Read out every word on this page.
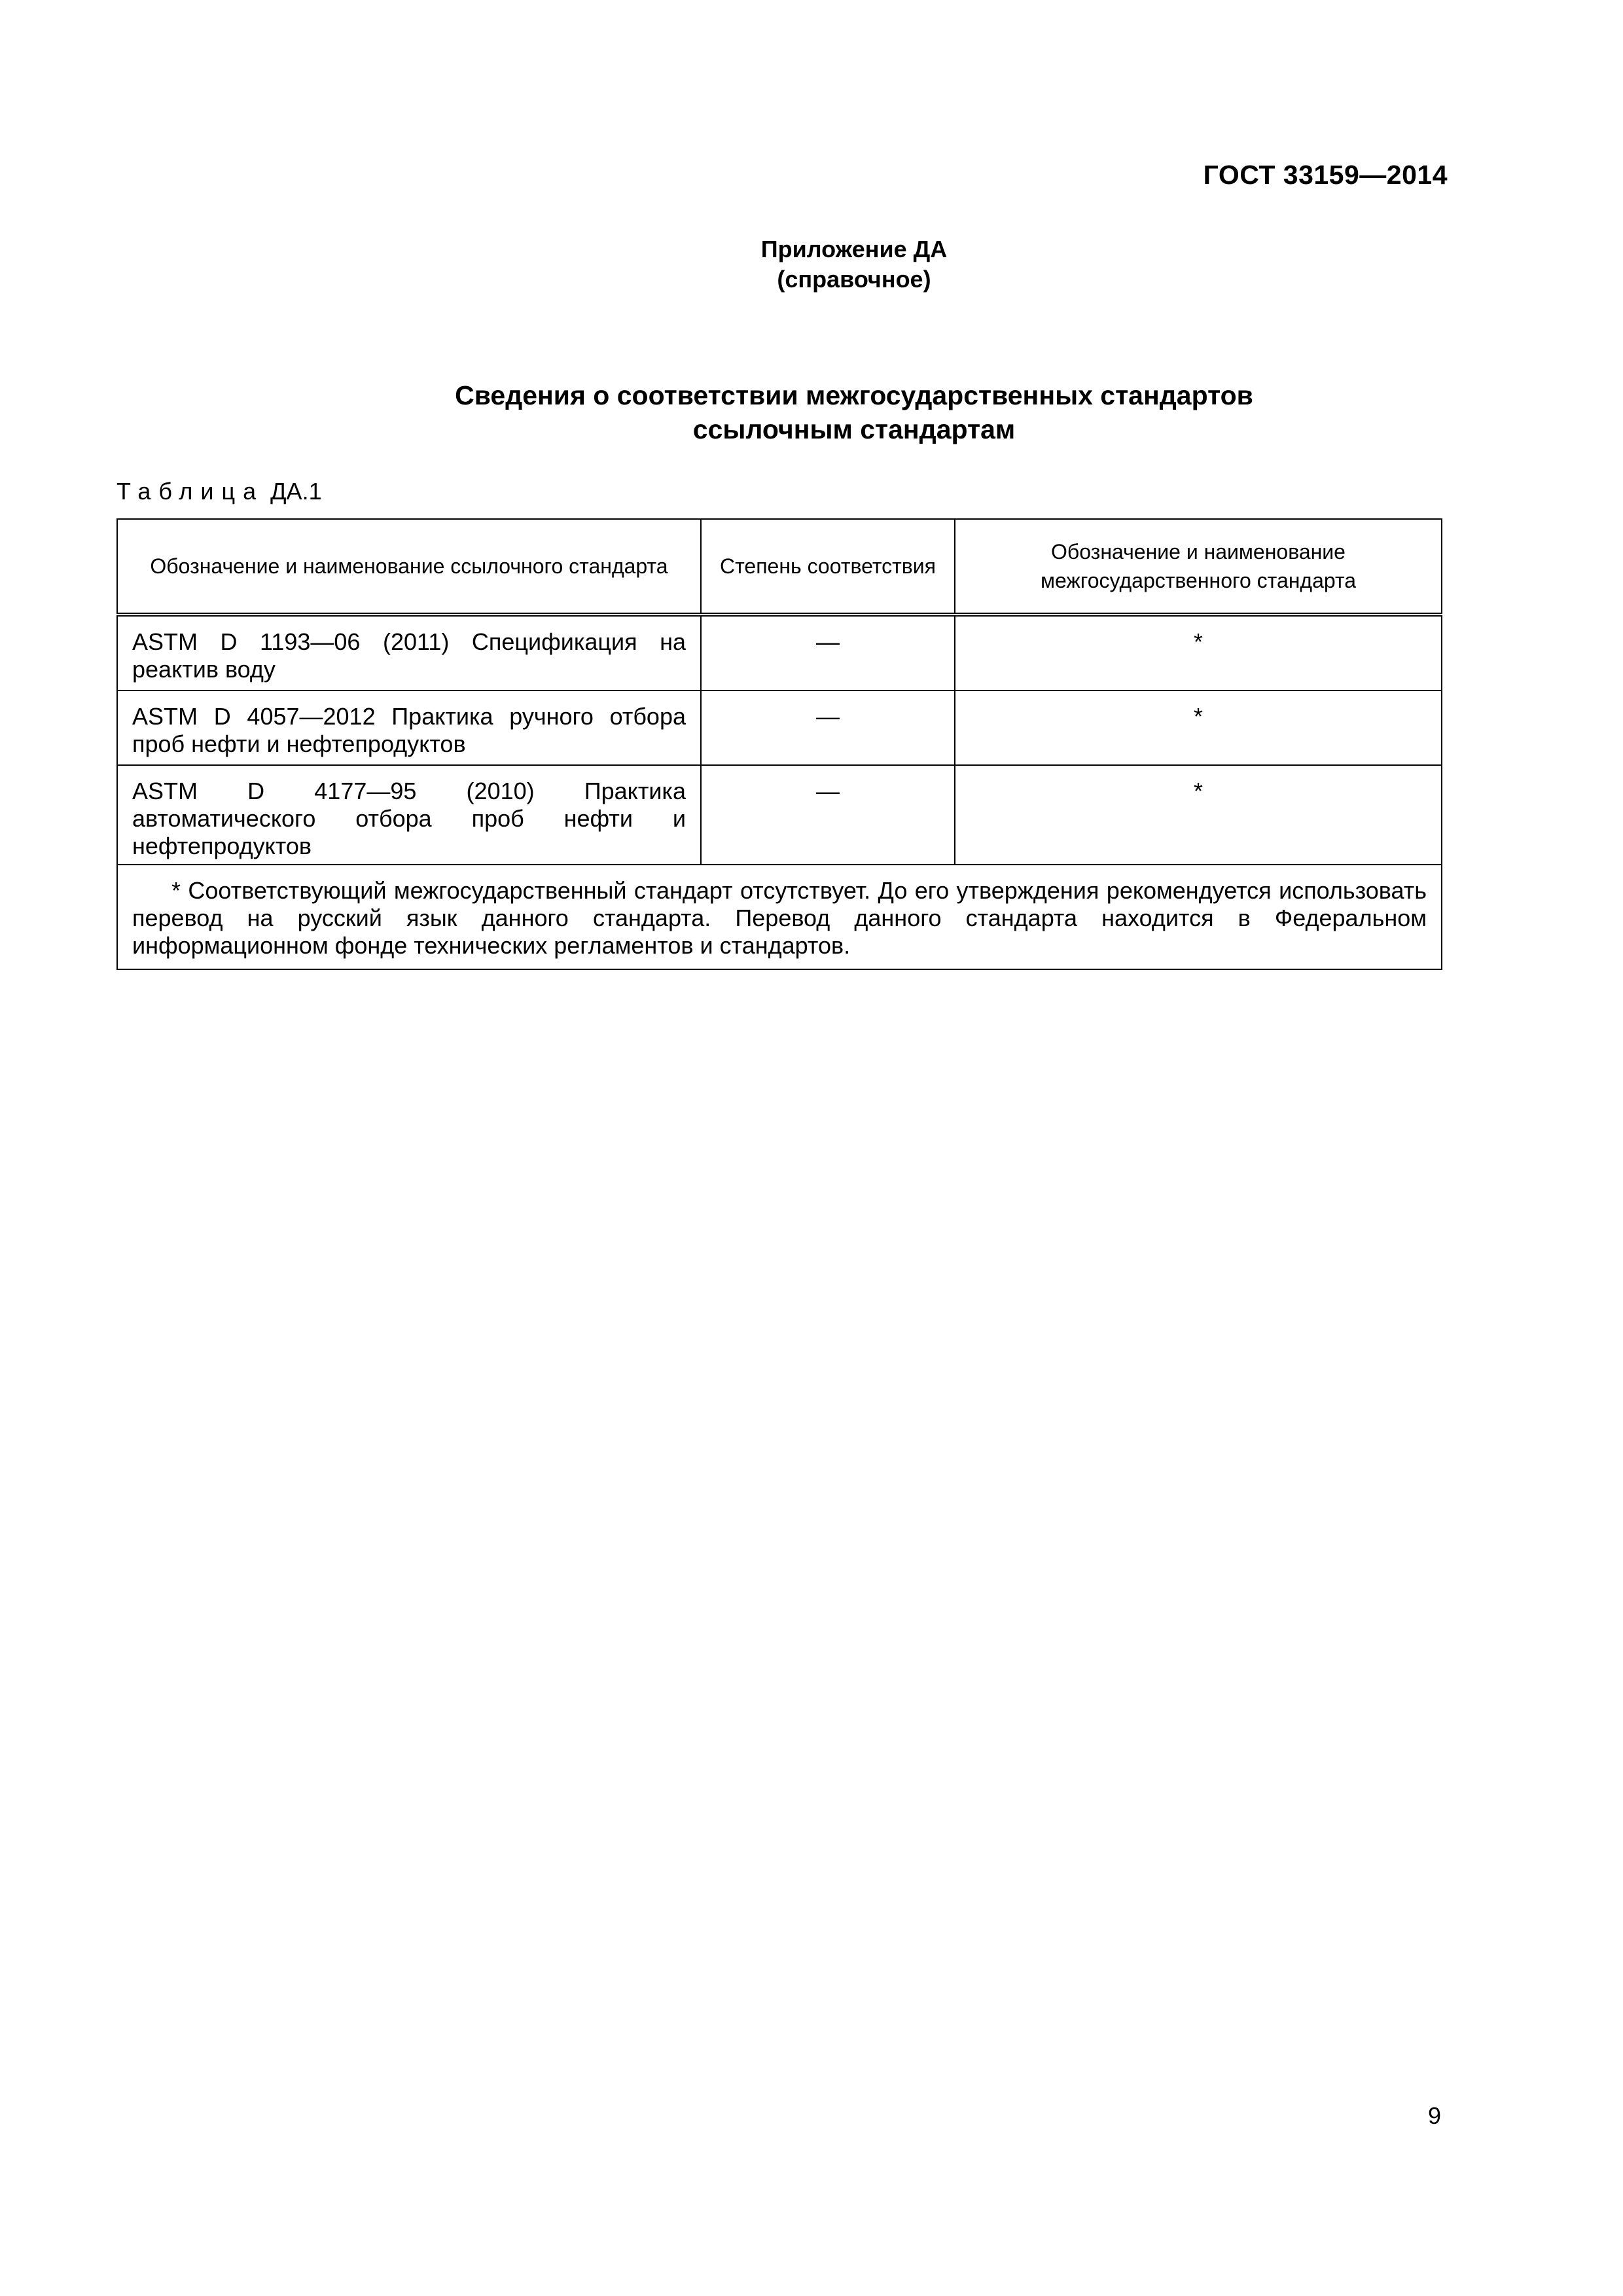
ГОСТ 33159—2014
Приложение ДА
(справочное)
Сведения о соответствии межгосударственных стандартов
ссылочным стандартам
Таблица ДА.1
Обозначение и наименование ссылочного стандарта	Степень соответствия	Обозначение и наименование межгосударственного стандарта
ASTM D 1193—06 (2011) Спецификация на реактив воду	—	*
ASTM D 4057—2012 Практика ручного отбора проб нефти и нефтепродуктов	—	*
ASTM D 4177—95 (2010) Практика автоматического отбора проб нефти и нефтепродуктов	—	*
* Соответствующий межгосударственный стандарт отсутствует. До его утверждения рекомендуется использовать перевод на русский язык данного стандарта. Перевод данного стандарта находится в Федеральном информационном фонде технических регламентов и стандартов.		
9
